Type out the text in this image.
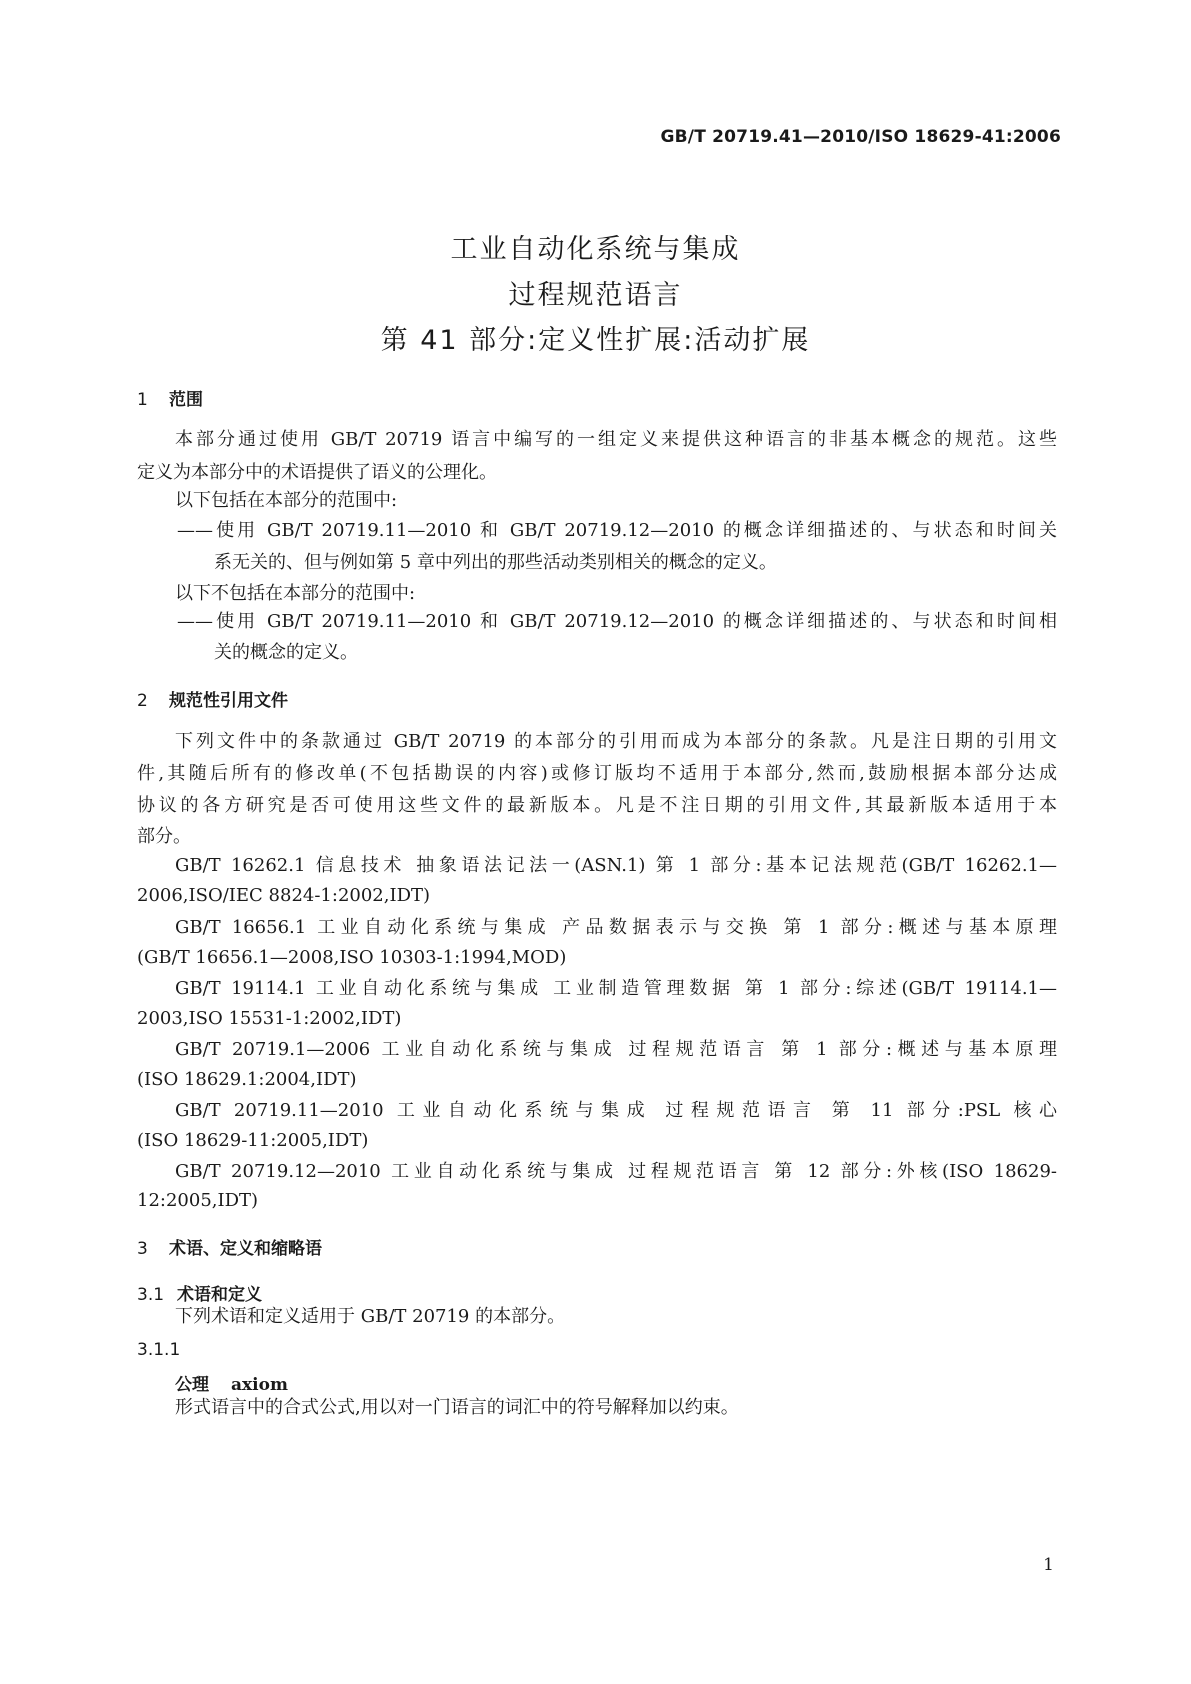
GB/T 20719.41—2010/ISO 18629-41:2006
工业自动化系统与集成
过程规范语言
第 41 部分:定义性扩展:活动扩展
1 范围
本部分通过使用 GB/T 20719 语言中编写的一组定义来提供这种语言的非基本概念的规范。这些
定义为本部分中的术语提供了语义的公理化。
以下包括在本部分的范围中:
——使用 GB/T 20719.11—2010 和 GB/T 20719.12—2010 的概念详细描述的、与状态和时间关
系无关的、但与例如第 5 章中列出的那些活动类别相关的概念的定义。
以下不包括在本部分的范围中:
——使用 GB/T 20719.11—2010 和 GB/T 20719.12—2010 的概念详细描述的、与状态和时间相
关的概念的定义。
2 规范性引用文件
下列文件中的条款通过 GB/T 20719 的本部分的引用而成为本部分的条款。凡是注日期的引用文
件,其随后所有的修改单(不包括勘误的内容)或修订版均不适用于本部分,然而,鼓励根据本部分达成
协议的各方研究是否可使用这些文件的最新版本。凡是不注日期的引用文件,其最新版本适用于本
部分。
GB/T 16262.1 信息技术 抽象语法记法一(ASN.1) 第 1 部分:基本记法规范(GB/T 16262.1—
2006,ISO/IEC 8824-1:2002,IDT)
GB/T 16656.1 工业自动化系统与集成 产品数据表示与交换 第 1 部分:概述与基本原理
(GB/T 16656.1—2008,ISO 10303-1:1994,MOD)
GB/T 19114.1 工业自动化系统与集成 工业制造管理数据 第 1 部分:综述(GB/T 19114.1—
2003,ISO 15531-1:2002,IDT)
GB/T 20719.1—2006 工业自动化系统与集成 过程规范语言 第 1 部分:概述与基本原理
(ISO 18629.1:2004,IDT)
GB/T 20719.11—2010 工业自动化系统与集成 过程规范语言 第 11 部分:PSL 核心
(ISO 18629-11:2005,IDT)
GB/T 20719.12—2010 工业自动化系统与集成 过程规范语言 第 12 部分:外核(ISO 18629-
12:2005,IDT)
3 术语、定义和缩略语
3.1 术语和定义
下列术语和定义适用于 GB/T 20719 的本部分。
3.1.1
公理 axiom
形式语言中的合式公式,用以对一门语言的词汇中的符号解释加以约束。
1
